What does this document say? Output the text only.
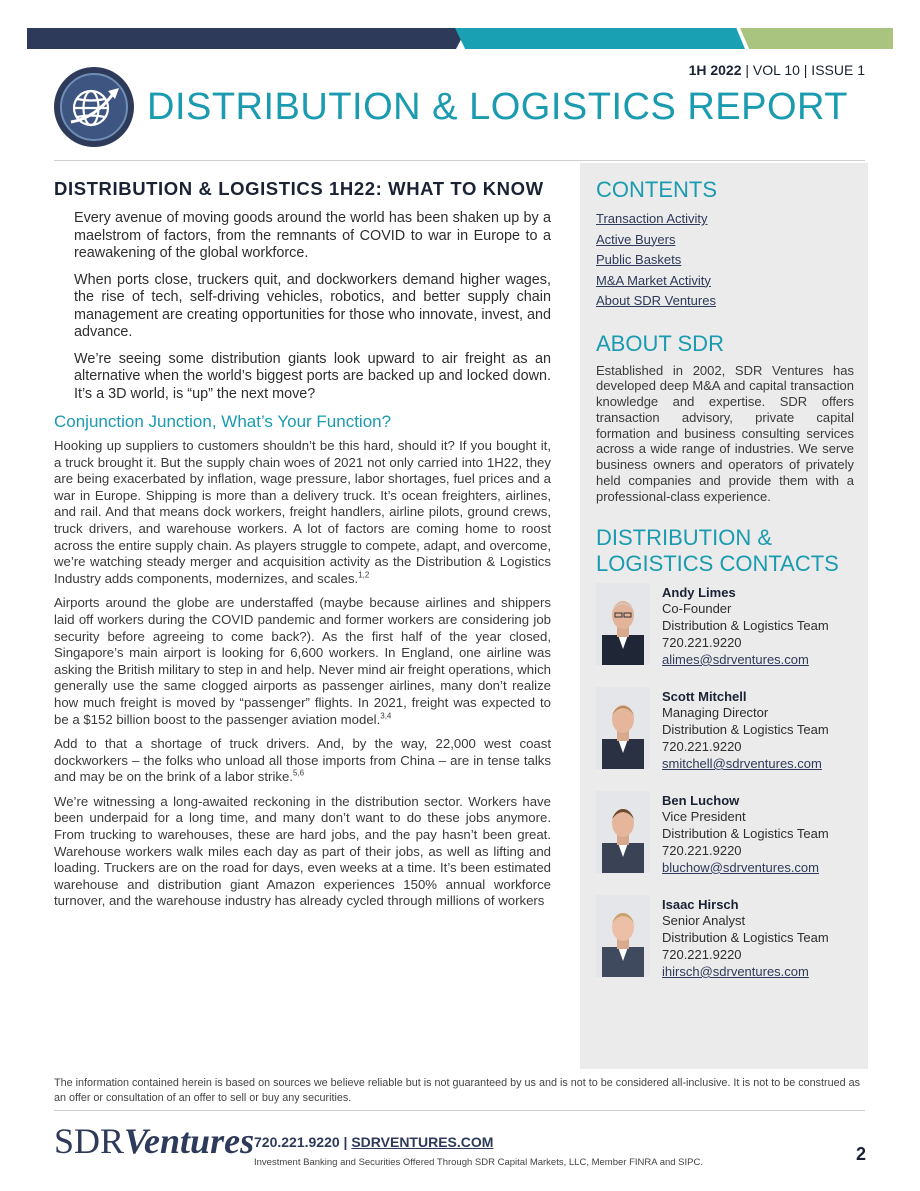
1H 2022 | VOL 10 | ISSUE 1
DISTRIBUTION & LOGISTICS REPORT
DISTRIBUTION & LOGISTICS 1H22: WHAT TO KNOW

Every avenue of moving goods around the world has been shaken up by a maelstrom of factors, from the remnants of COVID to war in Europe to a reawakening of the global workforce.

When ports close, truckers quit, and dockworkers demand higher wages, the rise of tech, self-driving vehicles, robotics, and better supply chain management are creating opportunities for those who innovate, invest, and advance.

We’re seeing some distribution giants look upward to air freight as an alternative when the world’s biggest ports are backed up and locked down. It’s a 3D world, is “up” the next move?

Conjunction Junction, What’s Your Function?

Hooking up suppliers to customers shouldn’t be this hard, should it? If you bought it, a truck brought it. But the supply chain woes of 2021 not only carried into 1H22, they are being exacerbated by inflation, wage pressure, labor shortages, fuel prices and a war in Europe. Shipping is more than a delivery truck. It’s ocean freighters, airlines, and rail. And that means dock workers, freight handlers, airline pilots, ground crews, truck drivers, and warehouse workers. A lot of factors are coming home to roost across the entire supply chain. As players struggle to compete, adapt, and overcome, we’re watching steady merger and acquisition activity as the Distribution & Logistics Industry adds components, modernizes, and scales.$^{1,2}$

Airports around the globe are understaffed (maybe because airlines and shippers laid off workers during the COVID pandemic and former workers are considering job security before agreeing to come back?). As the first half of the year closed, Singapore’s main airport is looking for 6,600 workers. In England, one airline was asking the British military to step in and help. Never mind air freight operations, which generally use the same clogged airports as passenger airlines, many don’t realize how much freight is moved by “passenger” flights. In 2021, freight was expected to be a $152 billion boost to the passenger aviation model.$^{3,4}$

Add to that a shortage of truck drivers. And, by the way, 22,000 west coast dockworkers – the folks who unload all those imports from China – are in tense talks and may be on the brink of a labor strike.$^{5,6}$

We’re witnessing a long-awaited reckoning in the distribution sector. Workers have been underpaid for a long time, and many don’t want to do these jobs anymore. From trucking to warehouses, these are hard jobs, and the pay hasn’t been great. Warehouse workers walk miles each day as part of their jobs, as well as lifting and loading. Truckers are on the road for days, even weeks at a time. It’s been estimated warehouse and distribution giant Amazon experiences 150% annual workforce turnover, and the warehouse industry has already cycled through millions of workers

CONTENTS
Transaction Activity
Active Buyers
Public Baskets
M&A Market Activity
About SDR Ventures
ABOUT SDR

Established in 2002, SDR Ventures has developed deep M&A and capital transaction knowledge and expertise. SDR offers transaction advisory, private capital formation and business consulting services across a wide range of industries. We serve business owners and operators of privately held companies and provide them with a professional-class experience.

DISTRIBUTION & LOGISTICS CONTACTS
Andy Limes
Co-Founder
Distribution & Logistics Team
720.221.9220
alimes@sdrventures.com
Scott Mitchell
Managing Director
Distribution & Logistics Team
720.221.9220
smitchell@sdrventures.com
Ben Luchow
Vice President
Distribution & Logistics Team
720.221.9220
bluchow@sdrventures.com
Isaac Hirsch
Senior Analyst
Distribution & Logistics Team
720.221.9220
ihirsch@sdrventures.com
The information contained herein is based on sources we believe reliable but is not guaranteed by us and is not to be considered all-inclusive. It is not to be construed as an offer or consultation of an offer to sell or buy any securities.
SDRVentures 720.221.9220 | SDRVENTURES.COM
Investment Banking and Securities Offered Through SDR Capital Markets, LLC, Member FINRA and SIPC.	2
